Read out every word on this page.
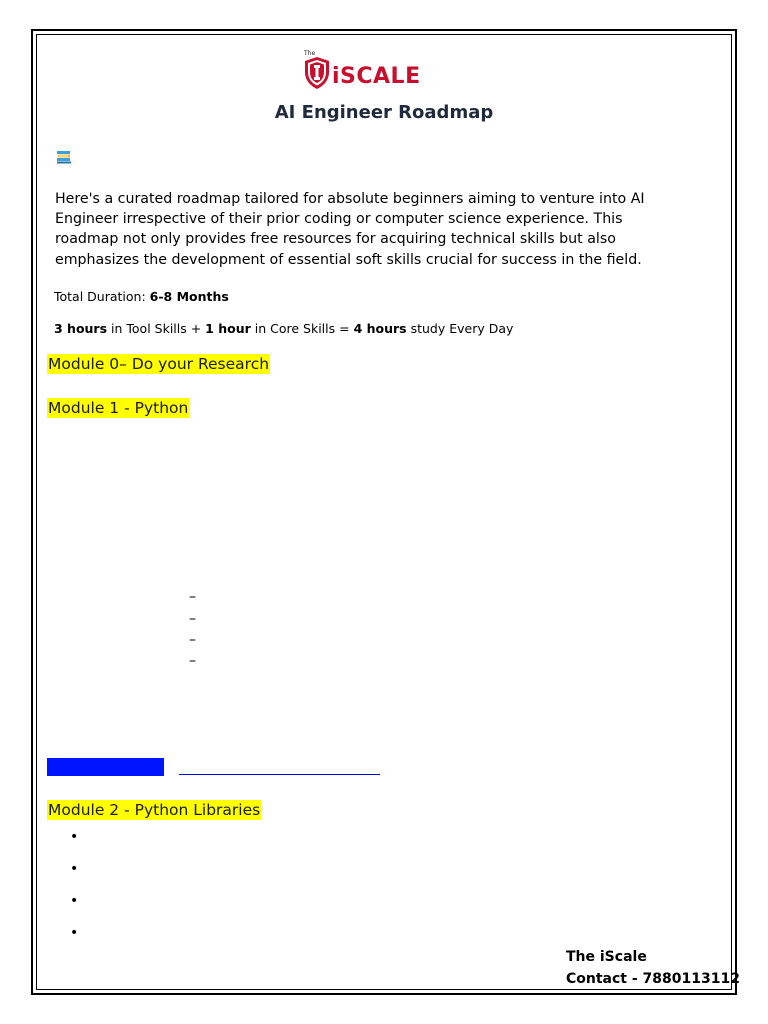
The
iSCALE
AI Engineer Roadmap

Here's a curated roadmap tailored for absolute beginners aiming to venture into AI Engineer irrespective of their prior coding or computer science experience. This roadmap not only provides free resources for acquiring technical skills but also emphasizes the development of essential soft skills crucial for success in the field.

Total Duration: 6-8 Months
3 hours in Tool Skills + 1 hour in Core Skills = 4 hours study Every Day
Module 0– Do your Research
Module 1 - Python
–
–
–
–
Module 2 - Python Libraries
•
•
•
•
The iScale
Contact - 7880113112
